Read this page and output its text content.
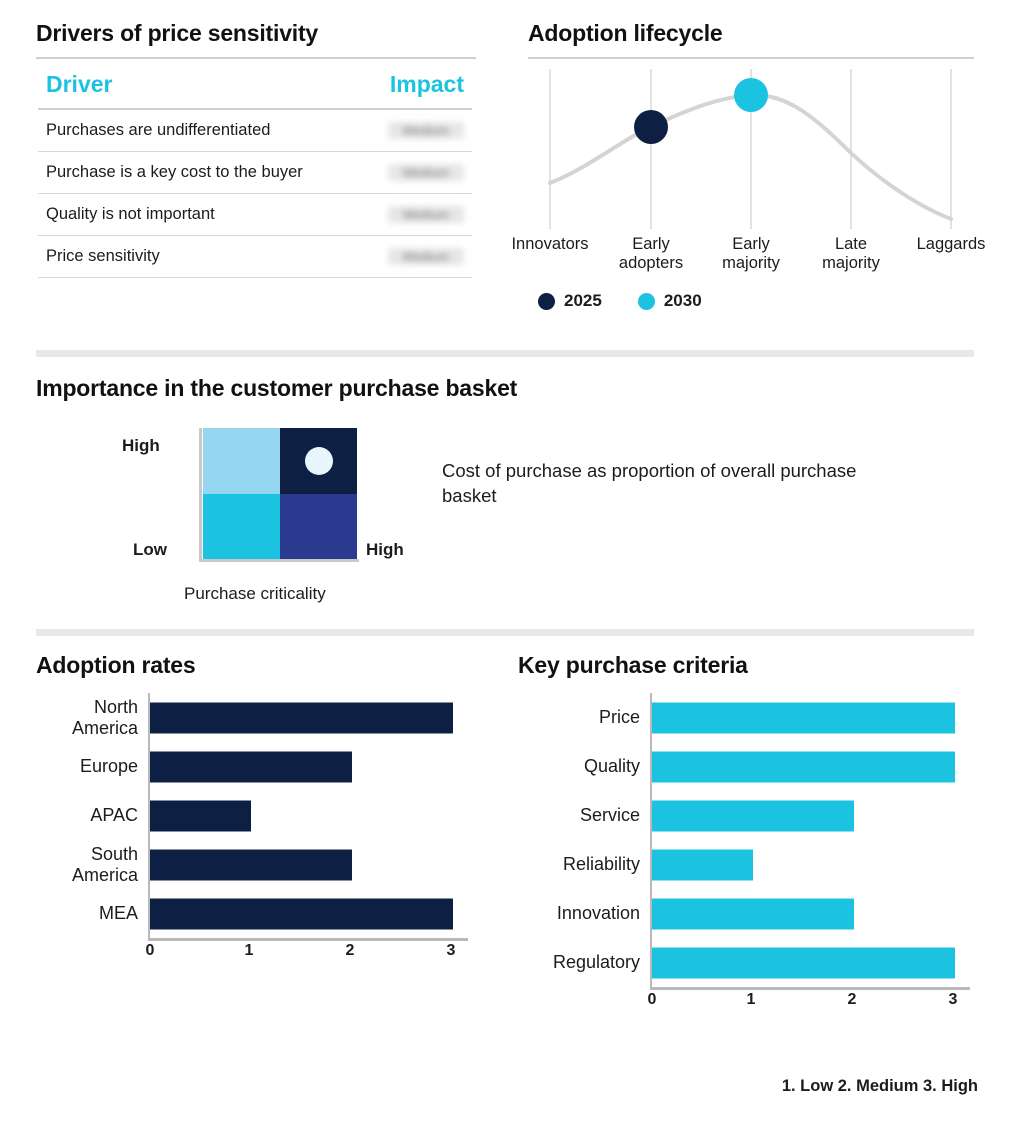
Drivers of price sensitivity
Driver	Impact
Purchases are undifferentiated	Medium
Purchase is a key cost to the buyer	Medium
Quality is not important	Medium
Price sensitivity	Medium
Adoption lifecycle
Innovators	Early
adopters
Early
majority
Late
majority
Laggards
2025	2030
Importance in the customer purchase basket
High
Low	High
Purchase criticality
Cost of purchase as proportion of overall purchase basket
Adoption rates
North
America
Europe
APAC
South
America
MEA
0	1	2	3
Key purchase criteria
Price
Quality
Service
Reliability
Innovation
Regulatory
0	1	2	3
1. Low 2. Medium 3. High
